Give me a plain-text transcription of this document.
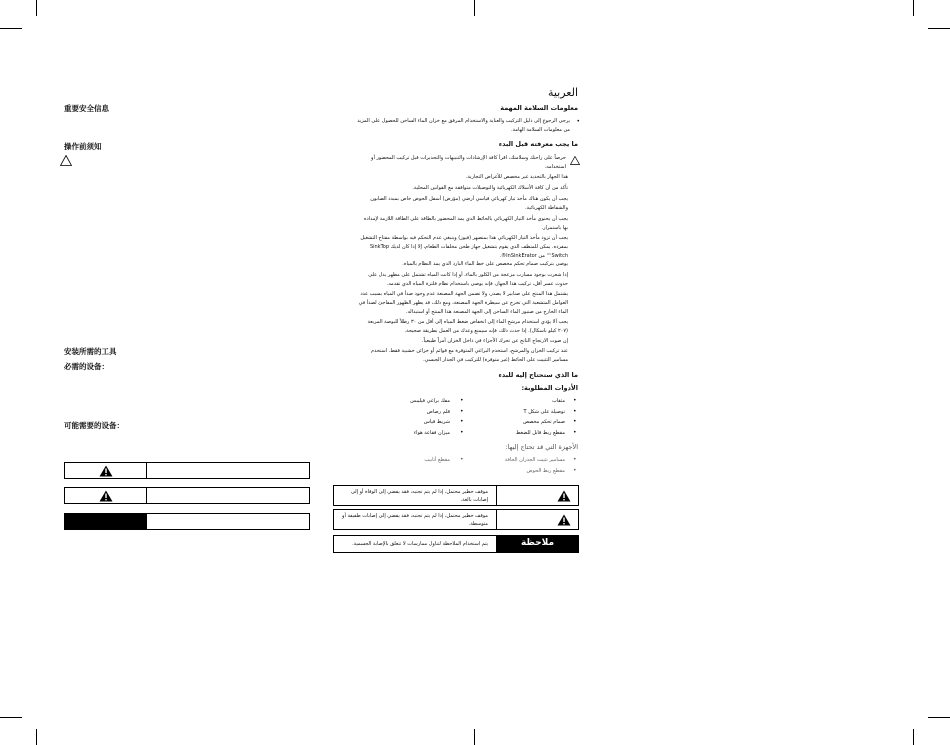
重要安全信息
操作前须知
安装所需的工具
必需的设备：
可能需要的设备：
العربية
معلومات السلامة المهمة
•
يرجى الرجوع إلى دليل التركيب والعناية والاستخدام المرفق مع خزان الماء الساخن للحصول على المزيد من معلومات السلامة الهامة.
ما يجب معرفته قبل البدء
حرصاً على راحتك وسلامتك، اقرأ كافة الإرشادات والتنبيهات والتحذيرات قبل تركيب المحضور أو استخدامه.
هذا الجهاز بالتحديد غير مخصص للأغراض التجارية.
تأكد من أن كافة الأسلاك الكهربائية والتوصيلات متوافقة مع القوانين المحلية.
يجب أن يكون هناك مأخذ تيار كهربائي قياسي أرضي (مؤرض) أسفل الحوض خاص بمبدد الصابون والشفاطة الكهربائية.
يجب أن يحتوي مأخذ التيار الكهربائي بالحائط الذي يمد المحضور بالطاقة على الطاقة اللازمة لإمداده بها باستمرار.
يجب أن تزود مأخذ التيار الكهربائي هذا بمنصهر (فيوز) وينبغي عدم التحكم فيه بواسطة مفتاح التشغيل بمفرده. يمكن للمنظف الذي يقوم بتشغيل جهاز طحن مخلفات الطعام، إلا إذا كان لديك SinkTop Switch™ من InSinkErator®.
يوصى بتركيب صمام تحكم مخصص على خط الماء البارد الذي يمد النظام بالمياه.
إذا شعرت بوجود مسارب مزعجة من الكلور بالماء، أو إذا كانت المياه تشتمل على مظهر يدل على حدوث عسر أقل، تركيب هذا الجهاز، فإنه يوصى باستخدام نظام فلترة المياه الذي نقدمه.
يشتمل هذا المنتج على صنابير لا يصدر، ولا تضمن الجهة المصنعة عدم وجود صدأ في المياه بسبب عدد العوامل المتشعبة التي تخرج عن سيطرة الجهة المصنعة، ومع ذلك، قد يظهر الظهور المفاجئ لصدأ في الماء الخارج من صنبور الماء الساخن إلى الجهة المصنعة هذا المنتج أو استبداله.
يجب ألا يؤدي استخدام مرشح الماء إلى انخفاض ضغط المياه إلى أقل من ٣٠ رطلاً للبوصة المربعة (٢٠٧ كيلو باسكال). إذا حدث ذلك، فإنه سيمنع وعدك من العمل بطريقة صحيحة.
إن صوت الارتجاج الناتج عن تحرك الأجزاء في داخل الخزان أمراً طبيعياً.
عند تركيب الخزان والمرشح، استخدم البراغي المتوفرة مع قوائم أو خزائن خشبية فقط. استخدم مسامير التثبيت على الحائط (غير متوفرة) للتركيب في الجدار الجبسي.
ما الذي ستحتاج إليه للبدء
الأدوات المطلوبة:
مثقاب
توصيلة على شكل T
صمام تحكم مخصص
مقطع ربط قابل للضغط
مفك براغي فيليبس
قلم رصاص
شريط قياس
ميزان فقاعة هواء
الأجهزة التي قد تحتاج إليها:
مسامير تثبيت الجدران الجافة
مقطع ربط الحوض
مقطع أنابيب
•
•
•
•
•
•
•
•
•
•
•
موقف خطير محتمل، إذا لم يتم تجنبه، فقد يفضي إلى الوفاة أو إلى إصابات بالغة.
موقف خطير محتمل، إذا لم يتم تجنبه، فقد يفضي إلى إصابات طفيفة أو متوسطة.
ملاحظة
يتم استخدام الملاحظة لتناول ممارسات لا تتعلق بالإصابة الجسمية.
